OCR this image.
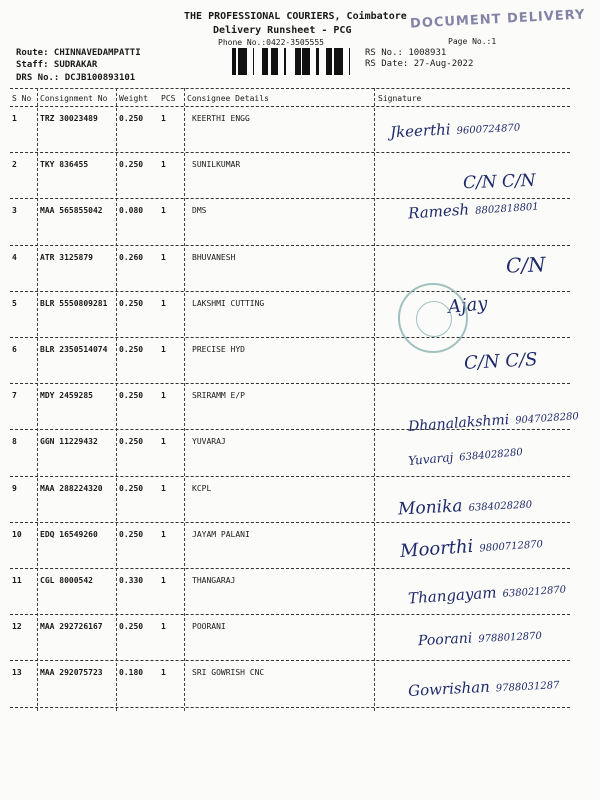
DOCUMENT DELIVERY
THE PROFESSIONAL COURIERS, Coimbatore
Delivery Runsheet - PCG
Phone No.:0422-3505555	Page No.:1
Route: CHINNAVEDAMPATTI
Staff: SUDRAKAR
DRS No.: DCJB100893101
RS No.: 1008931
RS Date: 27-Aug-2022
S No Consignment No Weight PCS Consignee Details	Signature
1	TRZ 30023489	0.250 1	KEERTHI ENGG
Jkeerthi 9600724870
2	TKY 836455	0.250 1	SUNILKUMAR
C/N C/N
3	MAA 565855042 0.080 1	DMS	Ramesh 8802818801
4	ATR 3125879	0.260 1	BHUVANESH	C/N
5	BLR 5550809281 0.250 1	LAKSHMI CUTTING	Ajay
6	BLR 2350514074 0.250 1	PRECISE HYD	C/N C/S
7	MDY 2459285	0.250 1	SRIRAMM E/P
Dhanalakshmi 9047028280
8	GGN 11229432	0.250 1	YUVARAJ
Yuvaraj 6384028280
9	MAA 288224320 0.250 1	KCPL
Monika 6384028280
10 EDQ 16549260	0.250 1	JAYAM PALANI
Moorthi 9800712870
11 CGL 8000542	0.330 1	THANGARAJ
Thangayam 6380212870
12 MAA 292726167 0.250 1	POORANI
Poorani 9788012870
13 MAA 292075723 0.180 1	SRI GOWRISH CNC
Gowrishan 9788031287
